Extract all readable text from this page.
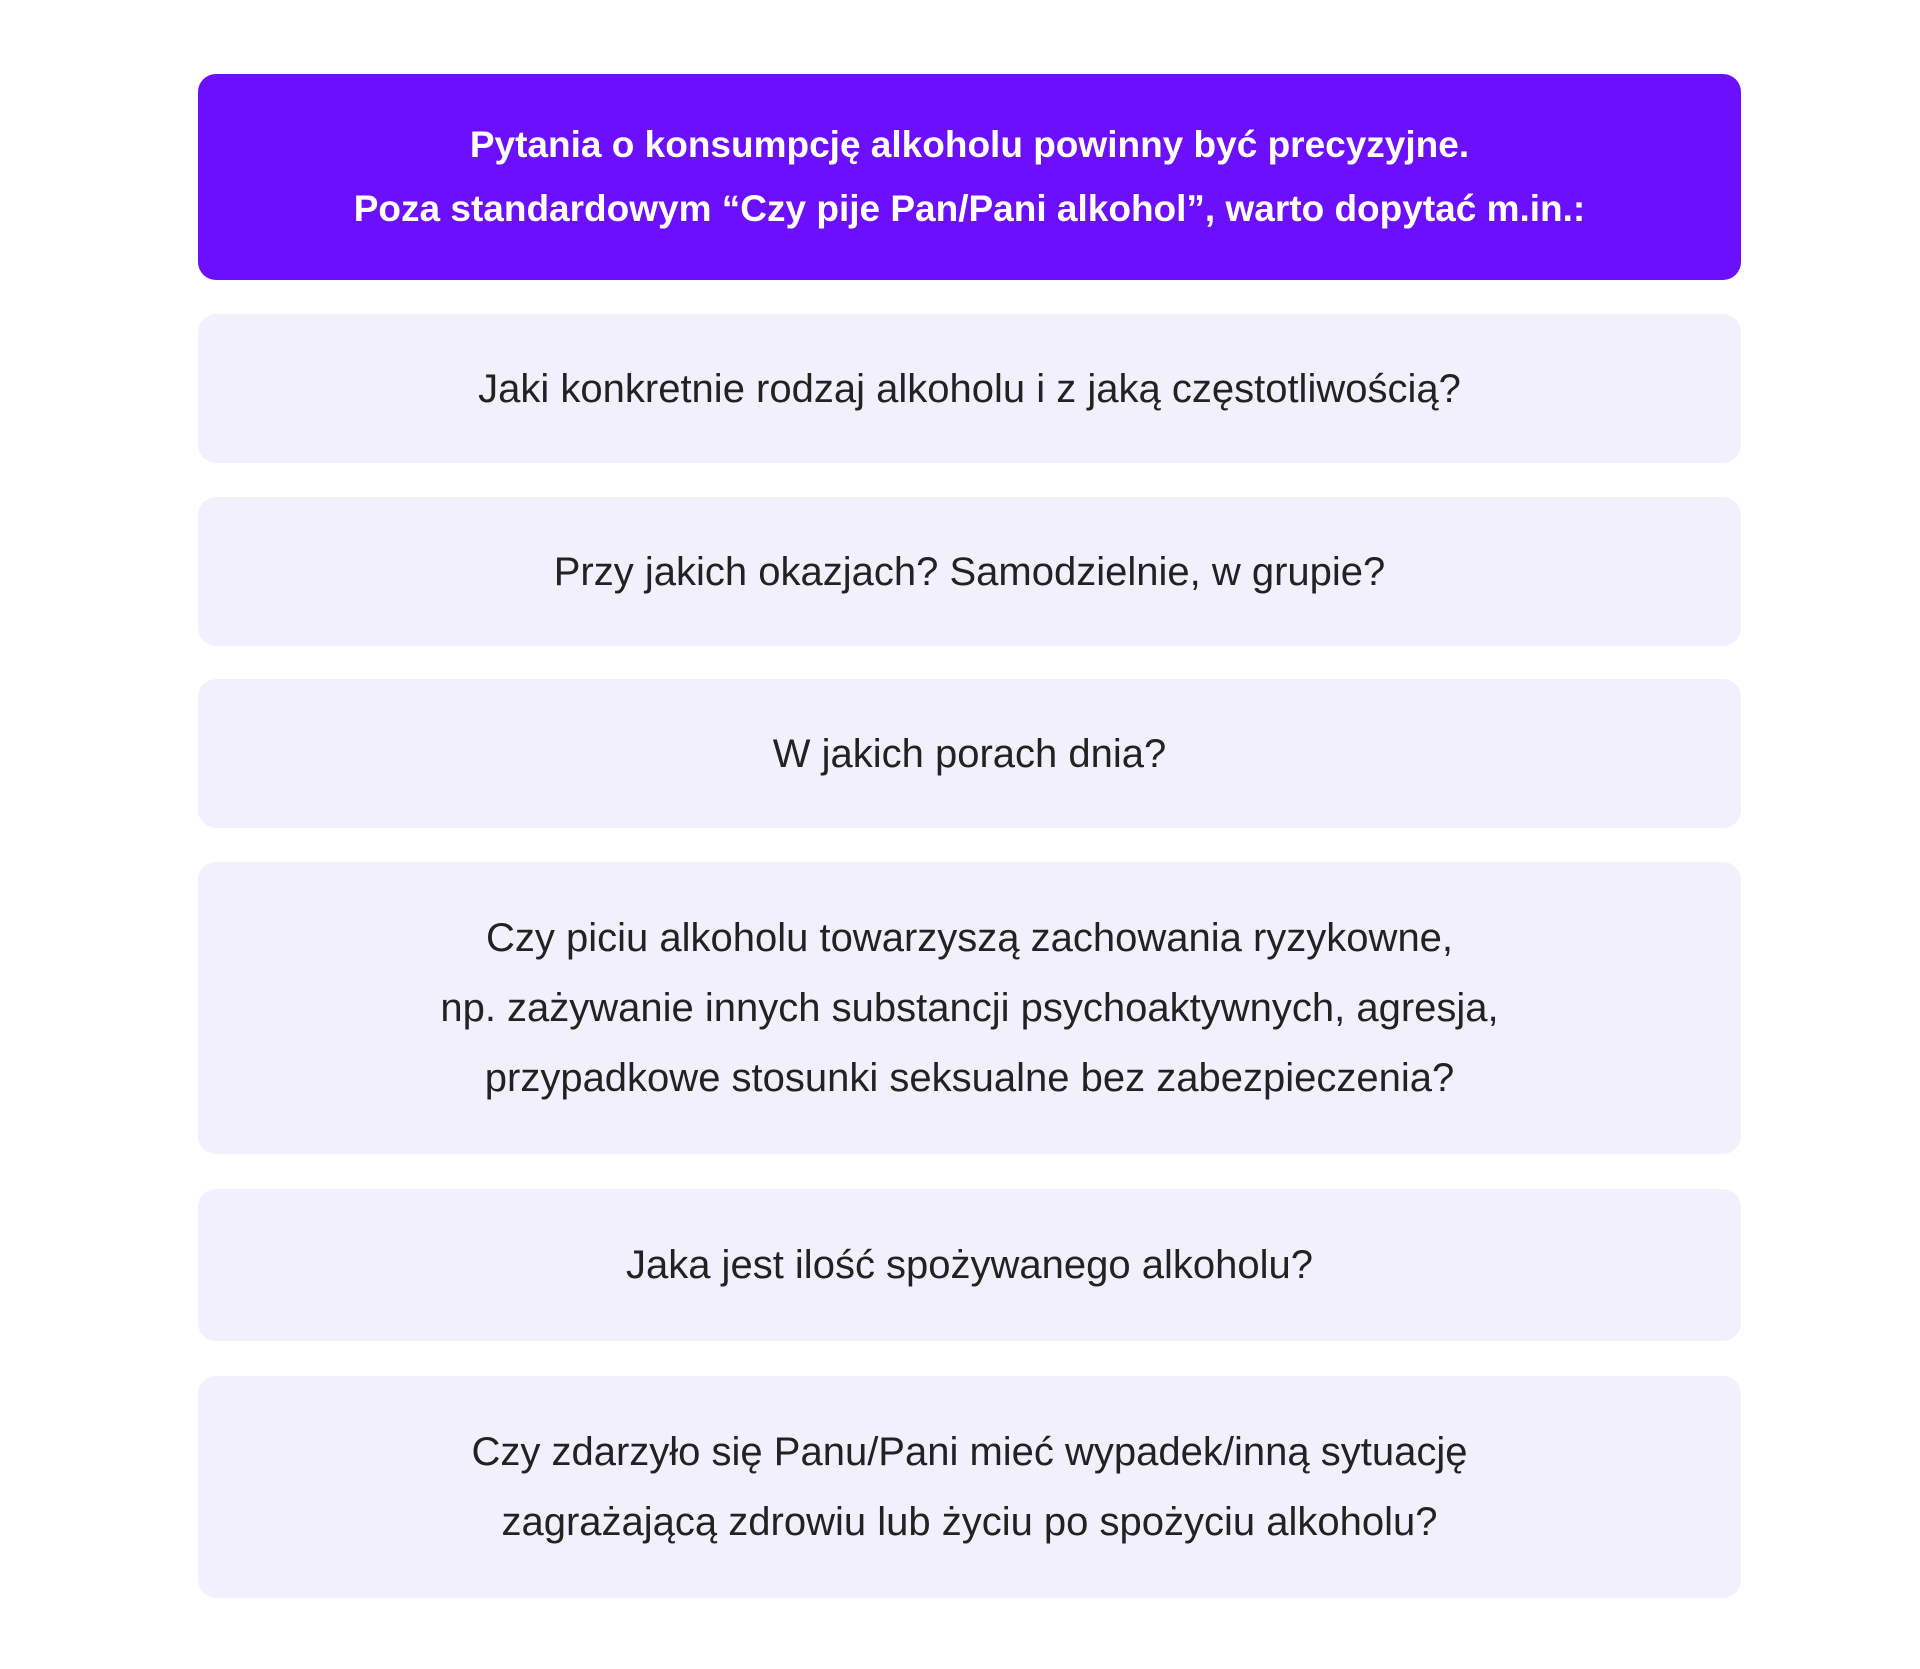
Pytania o konsumpcję alkoholu powinny być precyzyjne.
Poza standardowym “Czy pije Pan/Pani alkohol”, warto dopytać m.in.:
Jaki konkretnie rodzaj alkoholu i z jaką częstotliwością?
Przy jakich okazjach? Samodzielnie, w grupie?
W jakich porach dnia?
Czy piciu alkoholu towarzyszą zachowania ryzykowne,
np. zażywanie innych substancji psychoaktywnych, agresja,
przypadkowe stosunki seksualne bez zabezpieczenia?
Jaka jest ilość spożywanego alkoholu?
Czy zdarzyło się Panu/Pani mieć wypadek/inną sytuację
zagrażającą zdrowiu lub życiu po spożyciu alkoholu?
